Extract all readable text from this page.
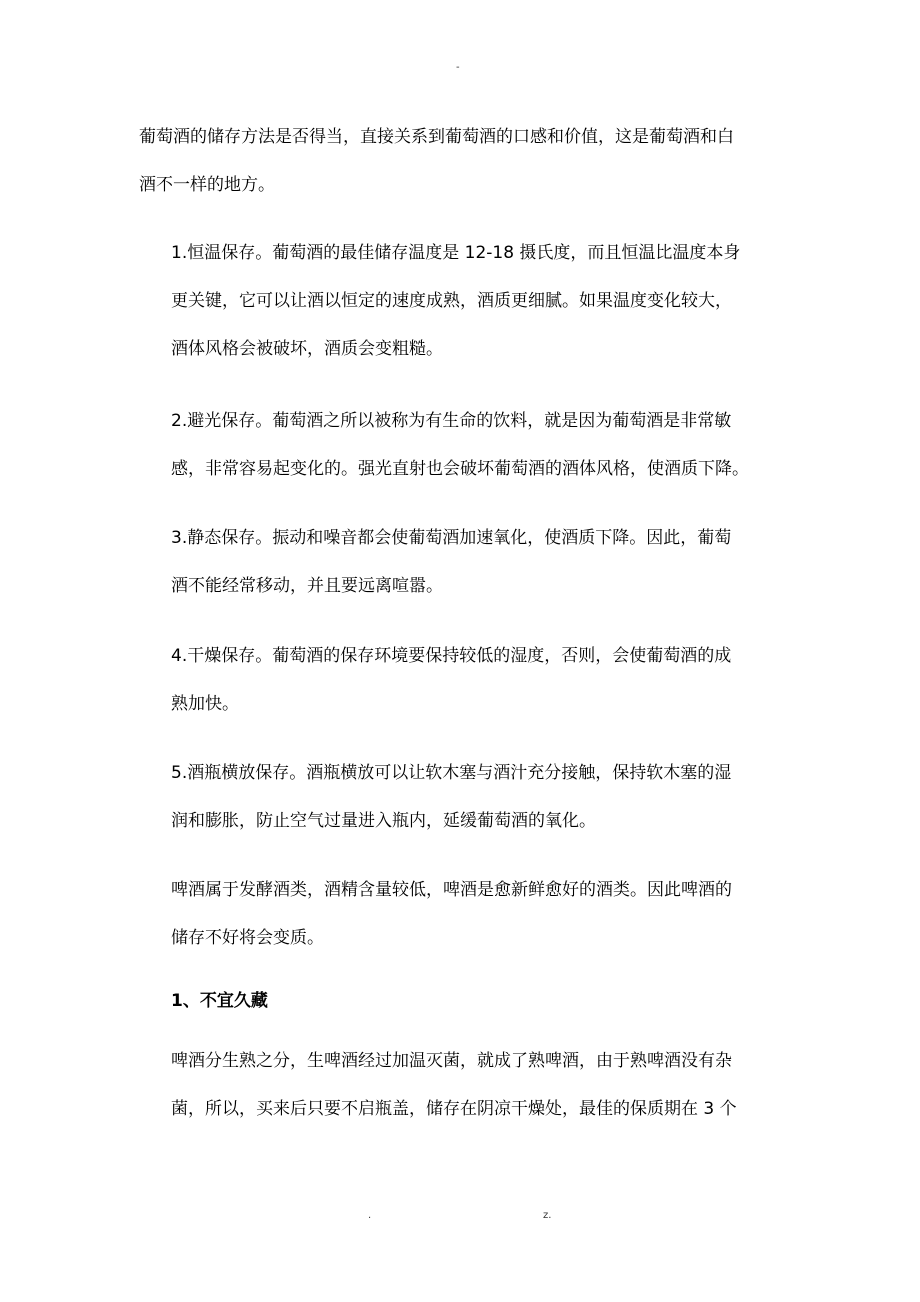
-

葡萄酒的储存方法是否得当，直接关系到葡萄酒的口感和价值，这是葡萄酒和白
酒不一样的地方。

1.恒温保存。葡萄酒的最佳储存温度是 12-18 摄氏度，而且恒温比温度本身
更关键，它可以让酒以恒定的速度成熟，酒质更细腻。如果温度变化较大，
酒体风格会被破坏，酒质会变粗糙。

2.避光保存。葡萄酒之所以被称为有生命的饮料，就是因为葡萄酒是非常敏
感，非常容易起变化的。强光直射也会破坏葡萄酒的酒体风格，使酒质下降。

3.静态保存。振动和噪音都会使葡萄酒加速氧化，使酒质下降。因此，葡萄
酒不能经常移动，并且要远离喧嚣。

4.干燥保存。葡萄酒的保存环境要保持较低的湿度，否则，会使葡萄酒的成
熟加快。

5.酒瓶横放保存。酒瓶横放可以让软木塞与酒汁充分接触，保持软木塞的湿
润和膨胀，防止空气过量进入瓶内，延缓葡萄酒的氧化。

啤酒属于发酵酒类，酒精含量较低，啤酒是愈新鲜愈好的酒类。因此啤酒的
储存不好将会变质。

1、不宜久藏

啤酒分生熟之分，生啤酒经过加温灭菌，就成了熟啤酒，由于熟啤酒没有杂
菌，所以，买来后只要不启瓶盖，储存在阴凉干燥处，最佳的保质期在 3 个

.	z.
